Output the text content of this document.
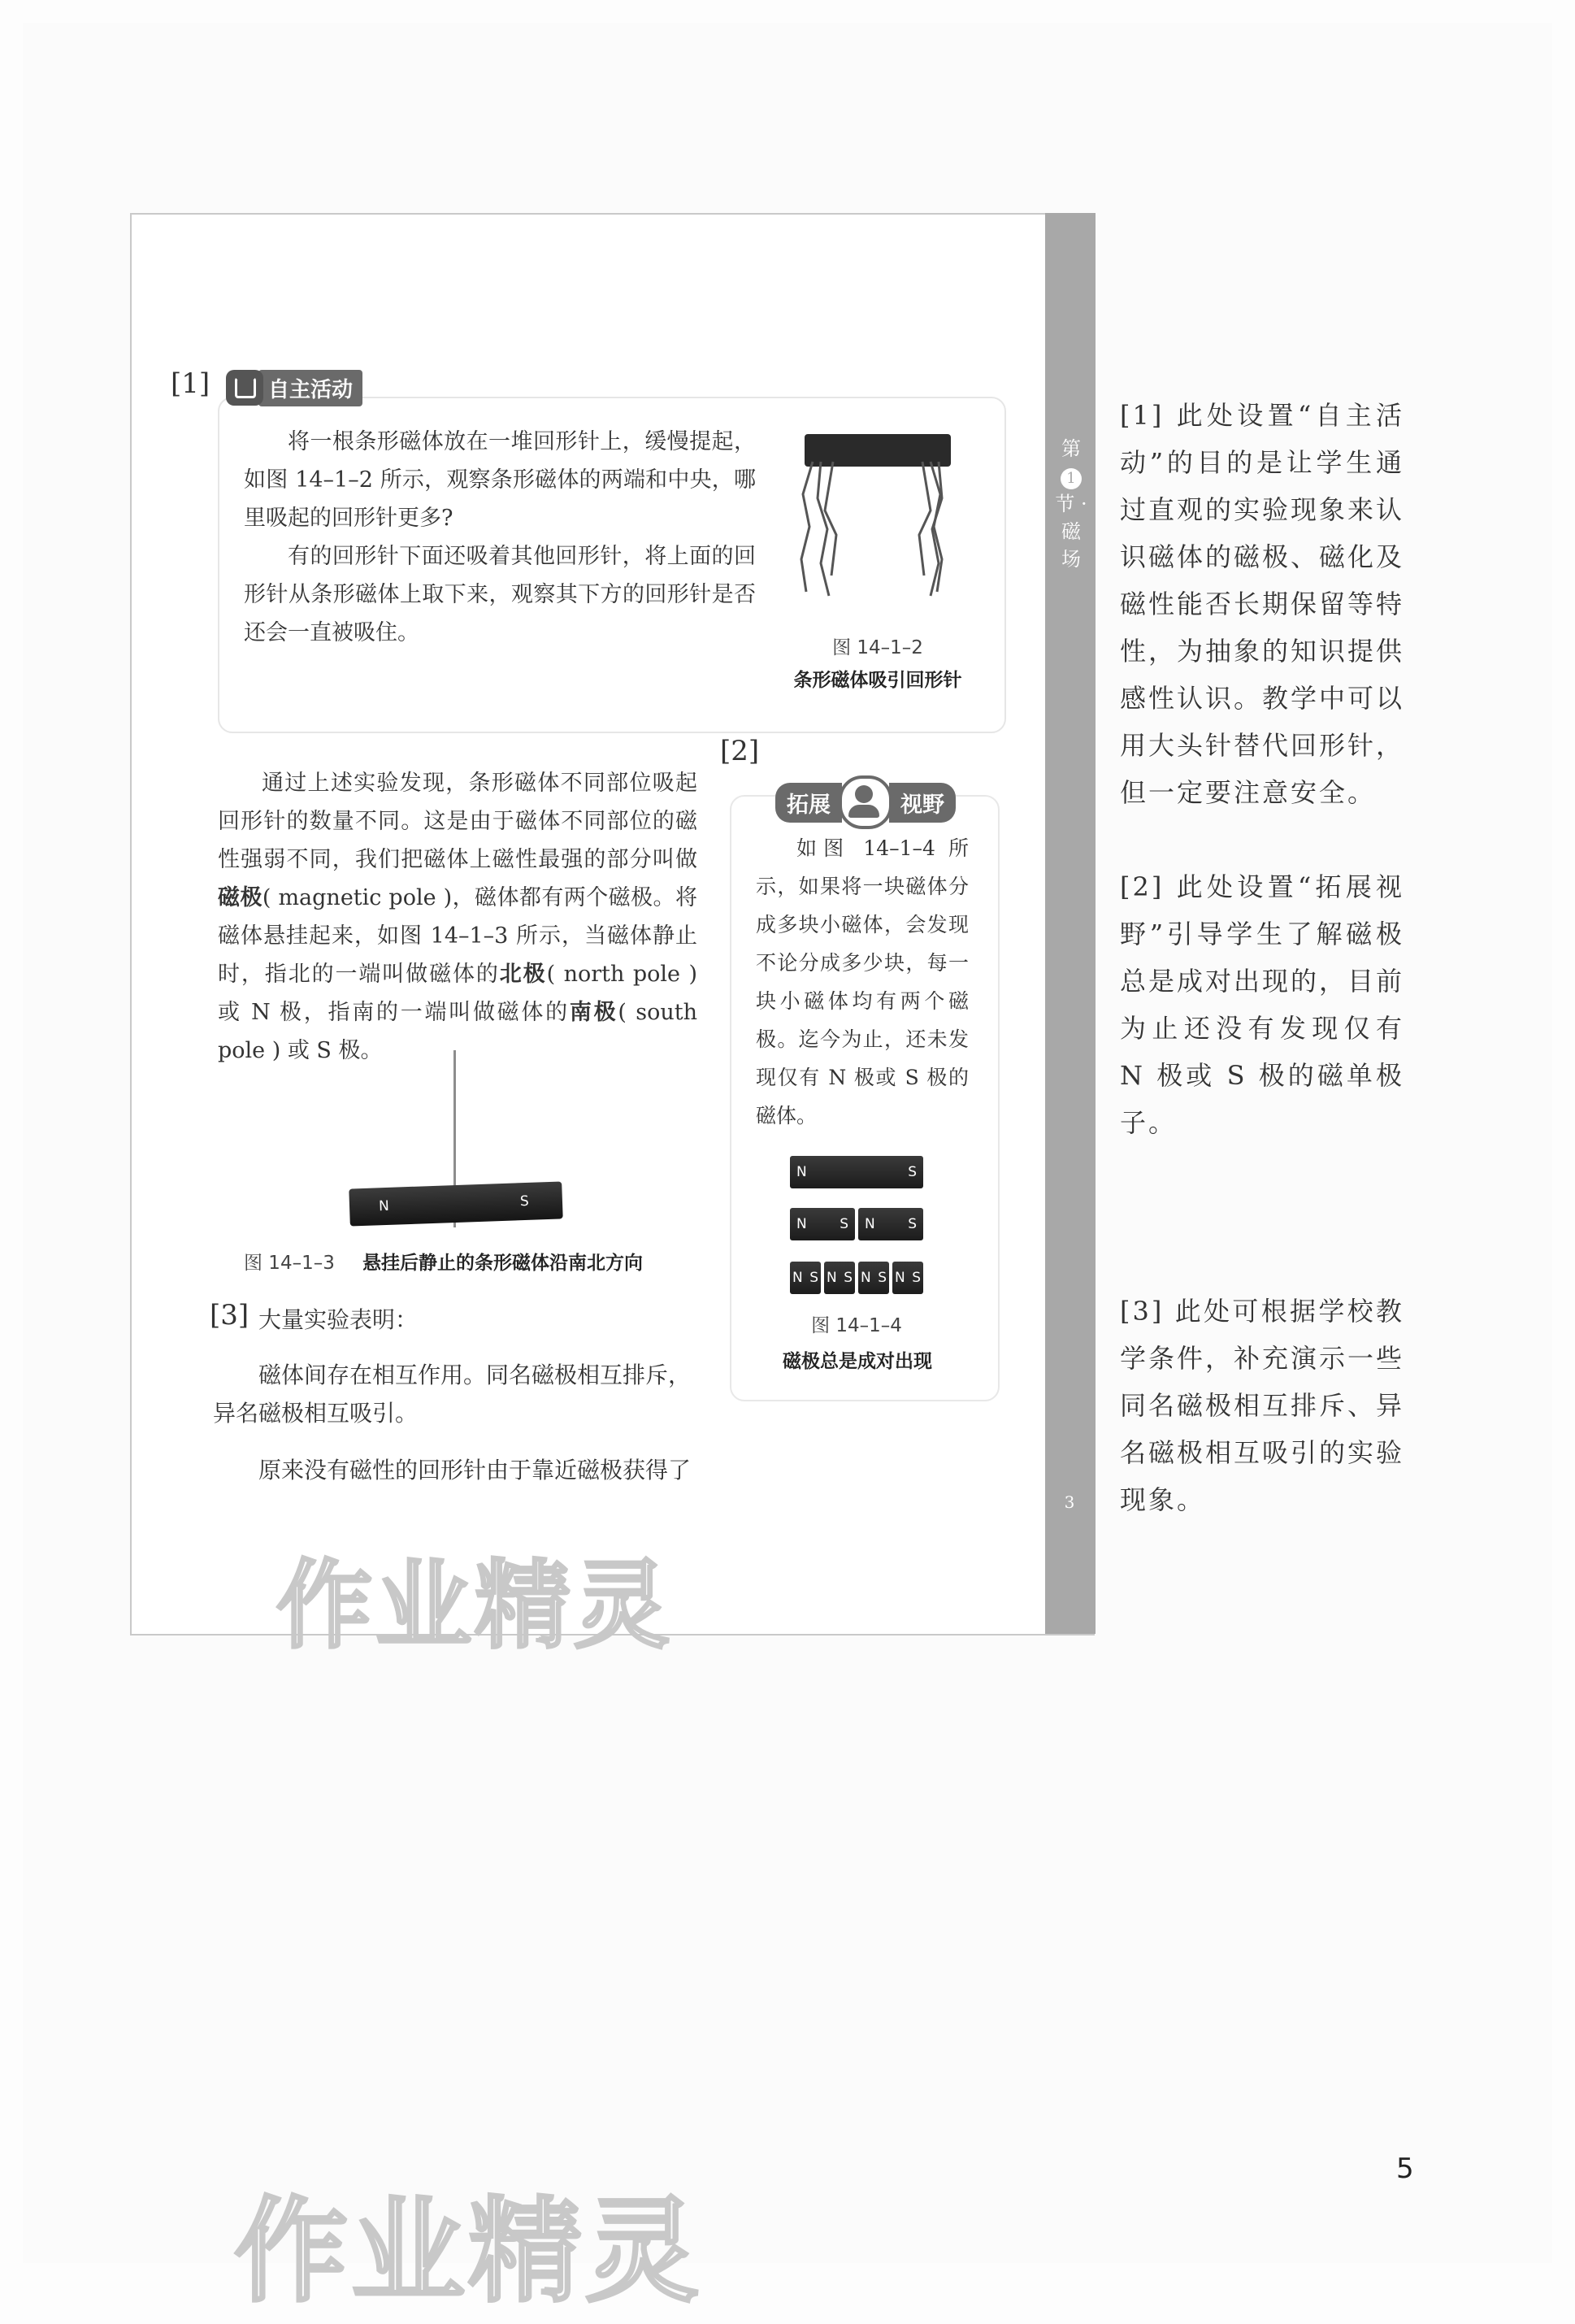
第 1 节 · 磁 场
3
[1]	自主活动
将一根条形磁体放在一堆回形针上，缓慢提起，如图 14–1–2 所示，观察条形磁体的两端和中央，哪里吸起的回形针更多?
有的回形针下面还吸着其他回形针，将上面的回形针从条形磁体上取下来，观察其下方的回形针是否还会一直被吸住。
图 14–1–2
条形磁体吸引回形针
通过上述实验发现，条形磁体不同部位吸起回形针的数量不同。这是由于磁体不同部位的磁性强弱不同，我们把磁体上磁性最强的部分叫做磁极( magnetic pole )，磁体都有两个磁极。将磁体悬挂起来，如图 14–1–3 所示，当磁体静止时，指北的一端叫做磁体的北极( north pole ) 或 N 极，指南的一端叫做磁体的南极( south pole ) 或 S 极。
N	S
图 14–1–3	悬挂后静止的条形磁体沿南北方向
[3] 大量实验表明：
磁体间存在相互作用。同名磁极相互排斥，异名磁极相互吸引。
原来没有磁性的回形针由于靠近磁极获得了
[2]
拓展	视野
如图 14–1–4 所示，如果将一块磁体分成多块小磁体，会发现不论分成多少块，每一块小磁体均有两个磁极。迄今为止，还未发现仅有 N 极或 S 极的磁体。
N	S
N S N S
N S N S N S N S
图 14–1–4
磁极总是成对出现
作业精灵
作业精灵
[1] 此处设置“自主活动”的目的是让学生通过直观的实验现象来认识磁体的磁极、磁化及磁性能否长期保留等特性，为抽象的知识提供感性认识。教学中可以用大头针替代回形针，但一定要注意安全。
[2] 此处设置“拓展视野”引导学生了解磁极总是成对出现的，目前为止还没有发现仅有 N 极或 S 极的磁单极子。
[3] 此处可根据学校教学条件，补充演示一些同名磁极相互排斥、异名磁极相互吸引的实验现象。
5
